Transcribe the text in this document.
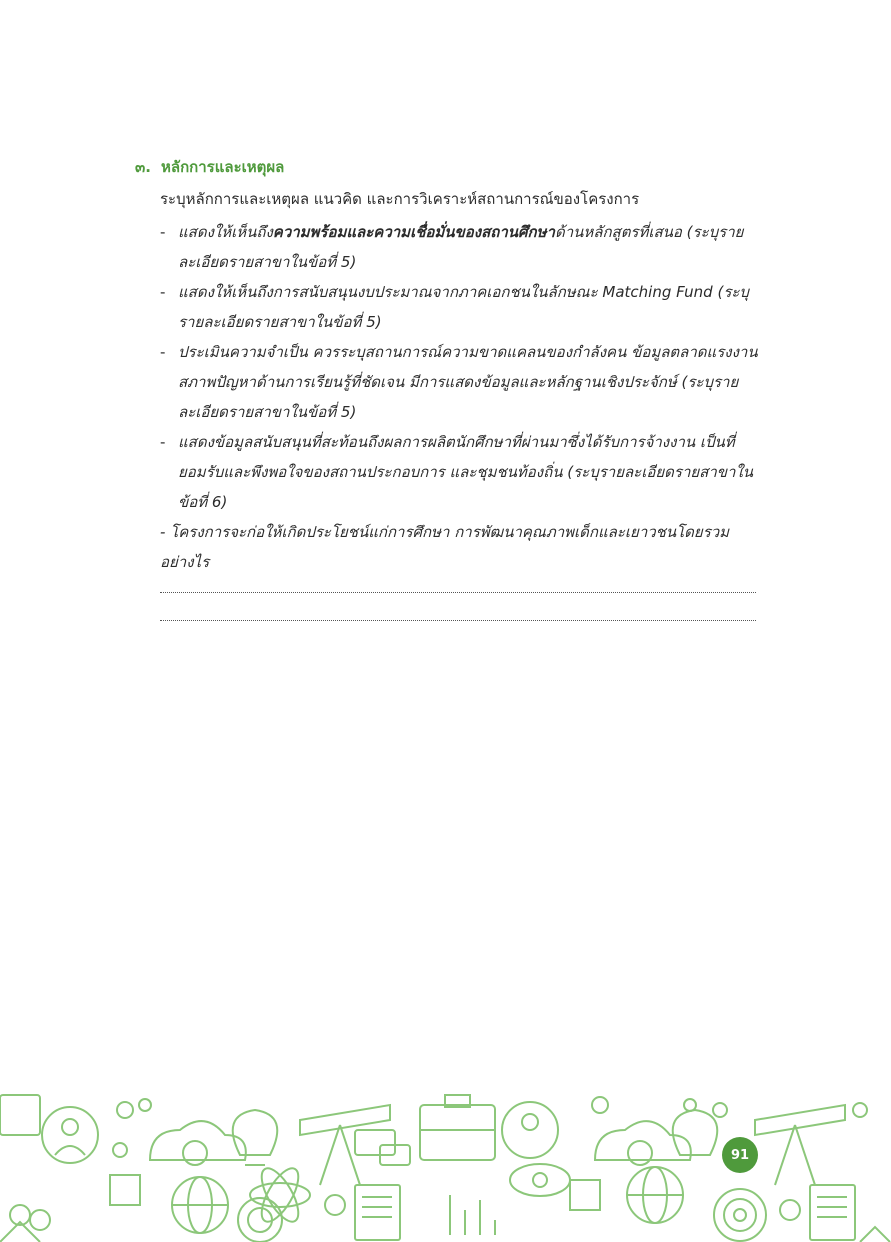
๓. หลักการและเหตุผล
ระบุหลักการและเหตุผล แนวคิด และการวิเคราะห์สถานการณ์ของโครงการ
- แสดงให้เห็นถึงความพร้อมและความเชื่อมั่นของสถานศึกษาด้านหลักสูตรที่เสนอ (ระบุรายละเอียดรายสาขาในข้อที่ 5)
- แสดงให้เห็นถึงการสนับสนุนงบประมาณจากภาคเอกชนในลักษณะ Matching Fund (ระบุรายละเอียดรายสาขาในข้อที่ 5)
- ประเมินความจำเป็น ควรระบุสถานการณ์ความขาดแคลนของกำลังคน ข้อมูลตลาดแรงงาน สภาพปัญหาด้านการเรียนรู้ที่ชัดเจน มีการแสดงข้อมูลและหลักฐานเชิงประจักษ์ (ระบุรายละเอียดรายสาขาในข้อที่ 5)
- แสดงข้อมูลสนับสนุนที่สะท้อนถึงผลการผลิตนักศึกษาที่ผ่านมาซึ่งได้รับการจ้างงาน เป็นที่ยอมรับและพึงพอใจของสถานประกอบการ และชุมชนท้องถิ่น (ระบุรายละเอียดรายสาขาในข้อที่ 6)
- โครงการจะก่อให้เกิดประโยชน์แก่การศึกษา การพัฒนาคุณภาพเด็กและเยาวชนโดยรวมอย่างไร
91
